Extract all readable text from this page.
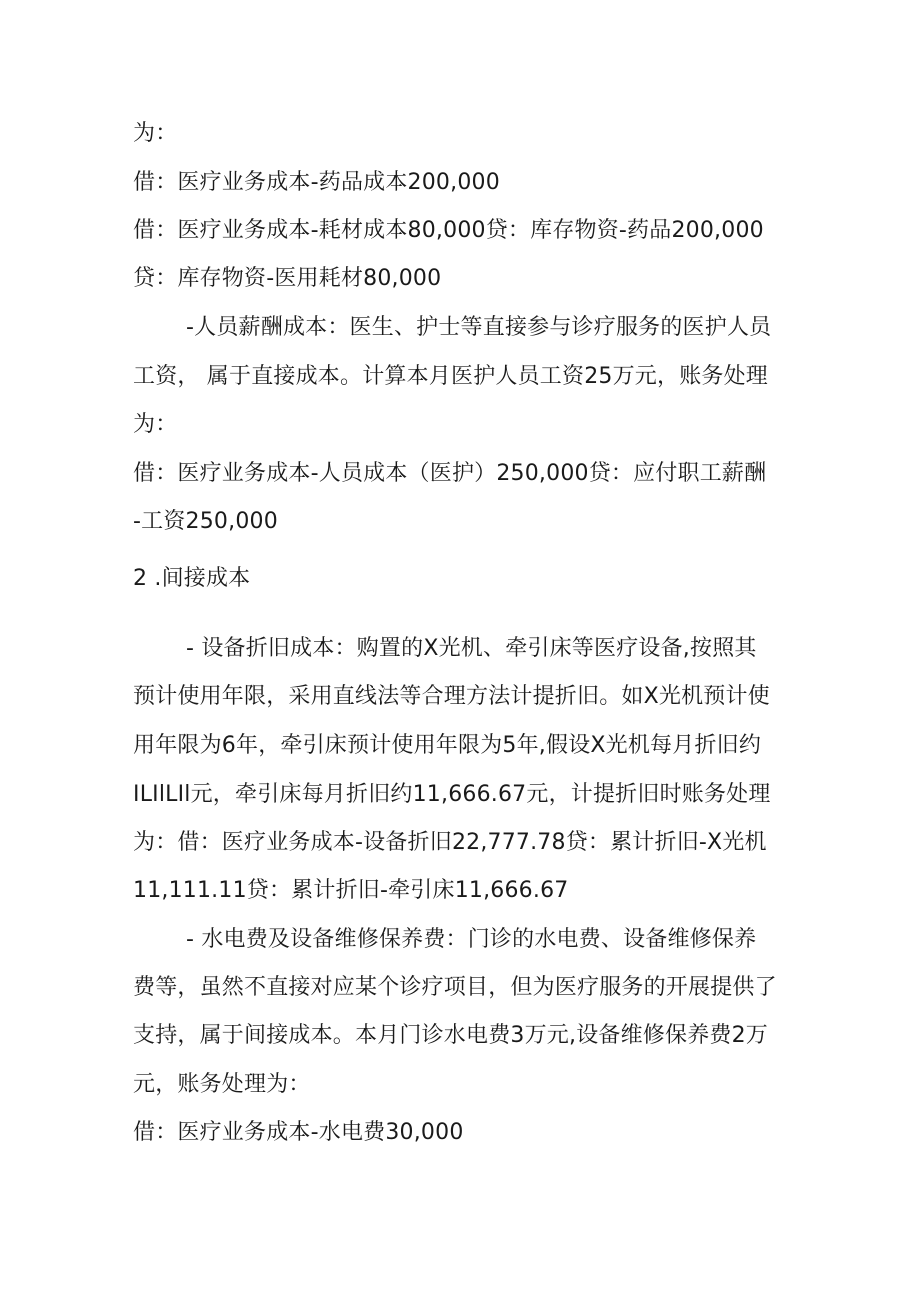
为：
借：医疗业务成本-药品成本200,000
借：医疗业务成本-耗材成本80,000贷：库存物资-药品200,000
贷：库存物资-医用耗材80,000
-人员薪酬成本：医生、护士等直接参与诊疗服务的医护人员
工资， 属于直接成本。计算本月医护人员工资25万元，账务处理
为：
借：医疗业务成本-人员成本（医护）250,000贷：应付职工薪酬
-工资250,000
2 .间接成本
- 设备折旧成本：购置的X光机、牵引床等医疗设备,按照其
预计使用年限，采用直线法等合理方法计提折旧。如X光机预计使
用年限为6年，牵引床预计使用年限为5年,假设X光机每月折旧约
ILIlLIl元，牵引床每月折旧约11,666.67元，计提折旧时账务处理
为：借：医疗业务成本-设备折旧22,777.78贷：累计折旧-X光机
11,111.11贷：累计折旧-牵引床11,666.67
- 水电费及设备维修保养费：门诊的水电费、设备维修保养
费等，虽然不直接对应某个诊疗项目，但为医疗服务的开展提供了
支持，属于间接成本。本月门诊水电费3万元,设备维修保养费2万
元，账务处理为：
借：医疗业务成本-水电费30,000
